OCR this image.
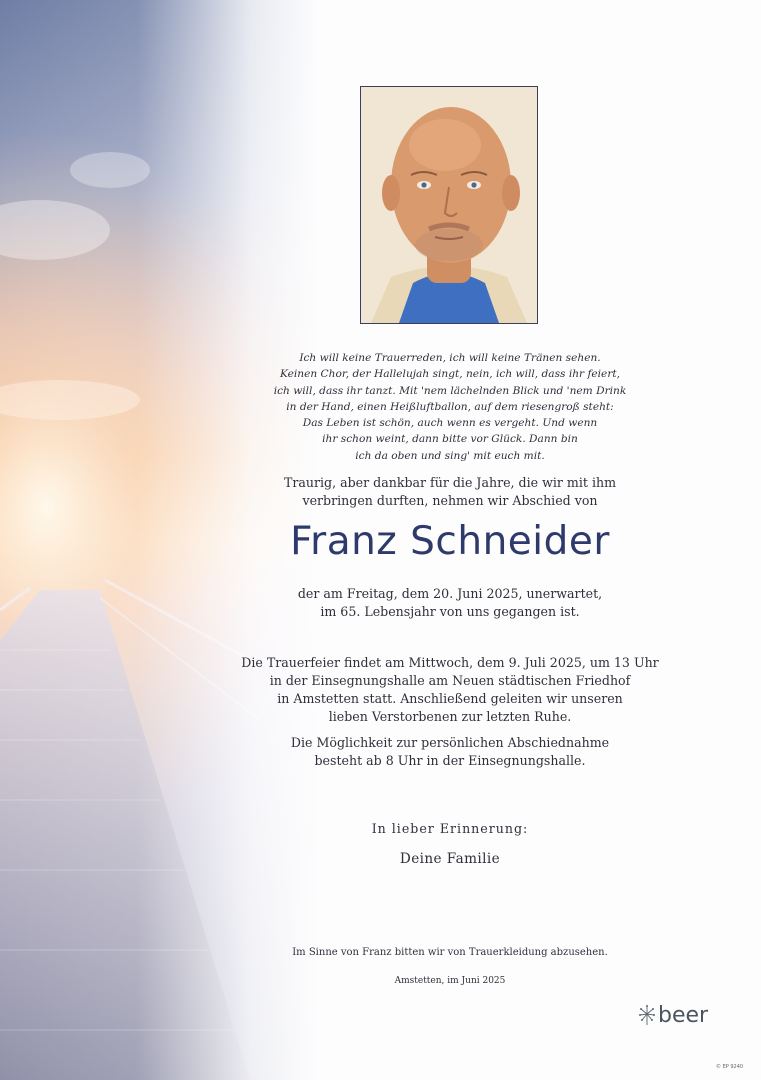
Ich will keine Trauerreden, ich will keine Tränen sehen.
Keinen Chor, der Hallelujah singt, nein, ich will, dass ihr feiert,
ich will, dass ihr tanzt. Mit 'nem lächelnden Blick und 'nem Drink
in der Hand, einen Heißluftballon, auf dem riesengroß steht:
Das Leben ist schön, auch wenn es vergeht. Und wenn
ihr schon weint, dann bitte vor Glück. Dann bin
ich da oben und sing' mit euch mit.
Traurig, aber dankbar für die Jahre, die wir mit ihm
verbringen durften, nehmen wir Abschied von
Franz Schneider
der am Freitag, dem 20. Juni 2025, unerwartet,
im 65. Lebensjahr von uns gegangen ist.
Die Trauerfeier findet am Mittwoch, dem 9. Juli 2025, um 13 Uhr
in der Einsegnungshalle am Neuen städtischen Friedhof
in Amstetten statt. Anschließend geleiten wir unseren
lieben Verstorbenen zur letzten Ruhe.
Die Möglichkeit zur persönlichen Abschiednahme
besteht ab 8 Uhr in der Einsegnungshalle.
In lieber Erinnerung:
Deine Familie
Im Sinne von Franz bitten wir von Trauerkleidung abzusehen.
Amstetten, im Juni 2025
beer
© EP 9240
